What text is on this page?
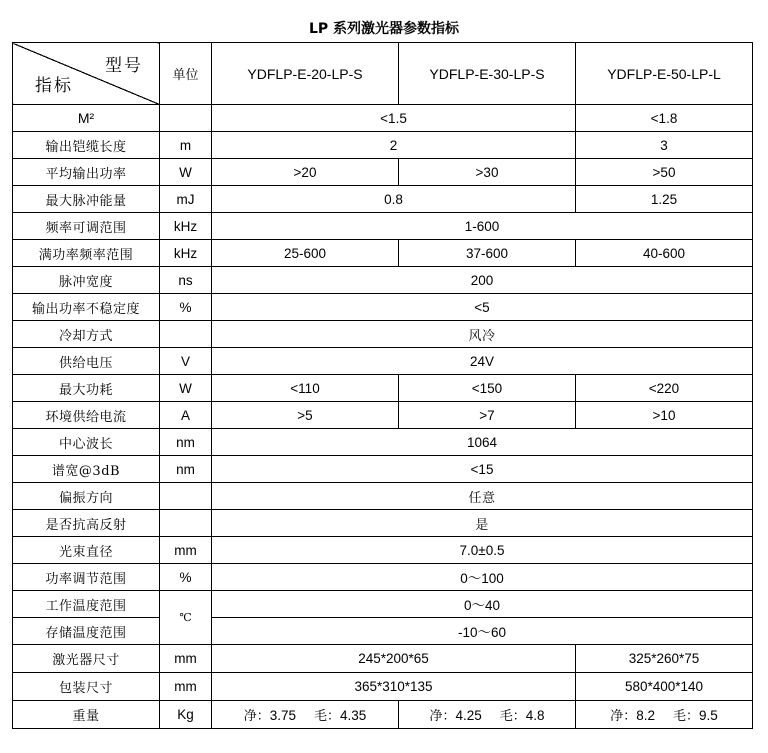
LP 系列激光器参数指标
型号
指标	单位	YDFLP-E-20-LP-S	YDFLP-E-30-LP-S	YDFLP-E-50-LP-L
M²		<1.5		<1.8
输出铠缆长度	m	2		3
平均输出功率	W	>20	>30	>50
最大脉冲能量	mJ	0.8		1.25
频率可调范围	kHz	1-600		
满功率频率范围	kHz	25-600	37-600	40-600
脉冲宽度	ns	200		
输出功率不稳定度	%	<5		
冷却方式		风冷		
供给电压	V	24V		
最大功耗	W	<110	<150	<220
环境供给电流	A	>5	>7	>10
中心波长	nm	1064		
谱宽@3dB	nm	<15		
偏振方向		任意		
是否抗高反射		是		
光束直径	mm	7.0±0.5		
功率调节范围	%	0～100		
工作温度范围	℃	0～40		
存储温度范围		-10～60		
激光器尺寸	mm	245*200*65		325*260*75
包装尺寸	mm	365*310*135		580*400*140
重量	Kg	净：3.75 毛：4.35	净：4.25 毛：4.8	净：8.2 毛：9.5
